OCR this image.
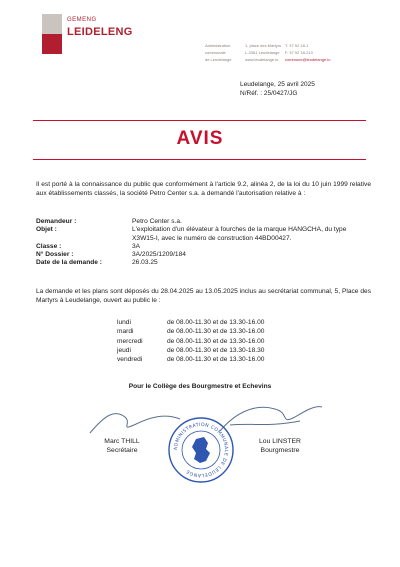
GEMENG
LEIDELENG
Administration
communale
de Leudelange
1, place des Martyrs
L-3361 Leudelange
www.leudelange.lu
T. 37 92 18-1
F. 37 92 18-210
commune@leudelange.lu
Leudelange, 25 avril 2025
N/Réf. : 25/0427/JG
AVIS
Il est porté à la connaissance du public que conformément à l'article 9.2, alinéa 2, de la loi du 10 juin 1999 relative aux établissements classés, la société Petro Center s.a. a demandé l'autorisation relative à :
Demandeur :	Petro Center s.a.
Objet :	L'exploitation d'un élévateur à fourches de la marque HANGCHA, du type X3W15-I, avec le numéro de construction 44BD00427.
Classe :	3A
N° Dossier :	3A/2025/1209/184
Date de la demande :	26.03.25
La demande et les plans sont déposés du 28.04.2025 au 13.05.2025 inclus au secrétariat communal, 5, Place des Martyrs à Leudelange, ouvert au public le :
lundi	de 08.00-11.30 et de 13.30-16.00
mardi	de 08.00-11.30 et de 13.30-16.00
mercredi	de 08.00-11.30 et de 13.30-16.00
jeudi	de 08.00-11.30 et de 13.30-18.30
vendredi	de 08.00-11.30 et de 13.30-16.00
Pour le Collège des Bourgmestre et Echevins
ADMINISTRATION COMMUNALE DE LEUDELANGE
Marc THILL
Secrétaire
Lou LINSTER
Bourgmestre
